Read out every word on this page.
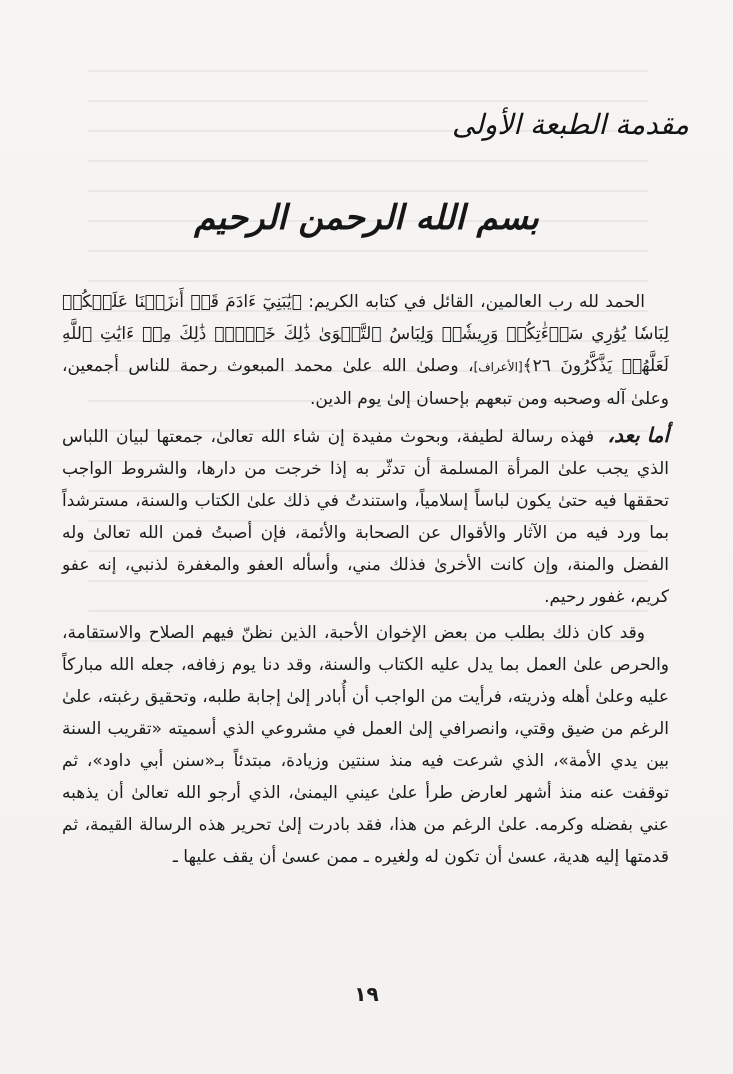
مقدمة الطبعة الأولى
بسم الله الرحمن الرحيم

الحمد لله رب العالمين، القائل في كتابه الكريم: ﴿يَٰبَنِيٓ ءَادَمَ قَدۡ أَنزَلۡنَا عَلَيۡكُمۡ لِبَاسٗا يُوَٰرِي سَوۡءَٰتِكُمۡ وَرِيشٗاۖ وَلِبَاسُ ٱلتَّقۡوَىٰ ذَٰلِكَ خَيۡرٞۚ ذَٰلِكَ مِنۡ ءَايَٰتِ ٱللَّهِ لَعَلَّهُمۡ يَذَّكَّرُونَ ٢٦﴾[الأعراف]، وصلىٰ الله علىٰ محمد المبعوث رحمة للناس أجمعين، وعلىٰ آله وصحبه ومن تبعهم بإحسان إلىٰ يوم الدين.

أما بعد، فهذه رسالة لطيفة، وبحوث مفيدة إن شاء الله تعالىٰ، جمعتها لبيان اللباس الذي يجب علىٰ المرأة المسلمة أن تدثّر به إذا خرجت من دارها، والشروط الواجب تحققها فيه حتىٰ يكون لباساً إسلامياً، واستندتُ في ذلك علىٰ الكتاب والسنة، مسترشداً بما ورد فيه من الآثار والأقوال عن الصحابة والأئمة، فإن أصبتُ فمن الله تعالىٰ وله الفضل والمنة، وإن كانت الأخرىٰ فذلك مني، وأسأله العفو والمغفرة لذنبي، إنه عفو كريم، غفور رحيم.

وقد كان ذلك بطلب من بعض الإخوان الأحبة، الذين نظنّ فيهم الصلاح والاستقامة، والحرص علىٰ العمل بما يدل عليه الكتاب والسنة، وقد دنا يوم زفافه، جعله الله مباركاً عليه وعلىٰ أهله وذريته، فرأيت من الواجب أن أُبادر إلىٰ إجابة طلبه، وتحقيق رغبته، علىٰ الرغم من ضيق وقتي، وانصرافي إلىٰ العمل في مشروعي الذي أسميته «تقريب السنة بين يدي الأمة»، الذي شرعت فيه منذ سنتين وزيادة، مبتدئاً بـ«سنن أبي داود»، ثم توقفت عنه منذ أشهر لعارض طرأ علىٰ عيني اليمنىٰ، الذي أرجو الله تعالىٰ أن يذهبه عني بفضله وكرمه. علىٰ الرغم من هذا، فقد بادرت إلىٰ تحرير هذه الرسالة القيمة، ثم قدمتها إليه هدية، عسىٰ أن تكون له ولغيره ـ ممن عسىٰ أن يقف عليها ـ

١٩
